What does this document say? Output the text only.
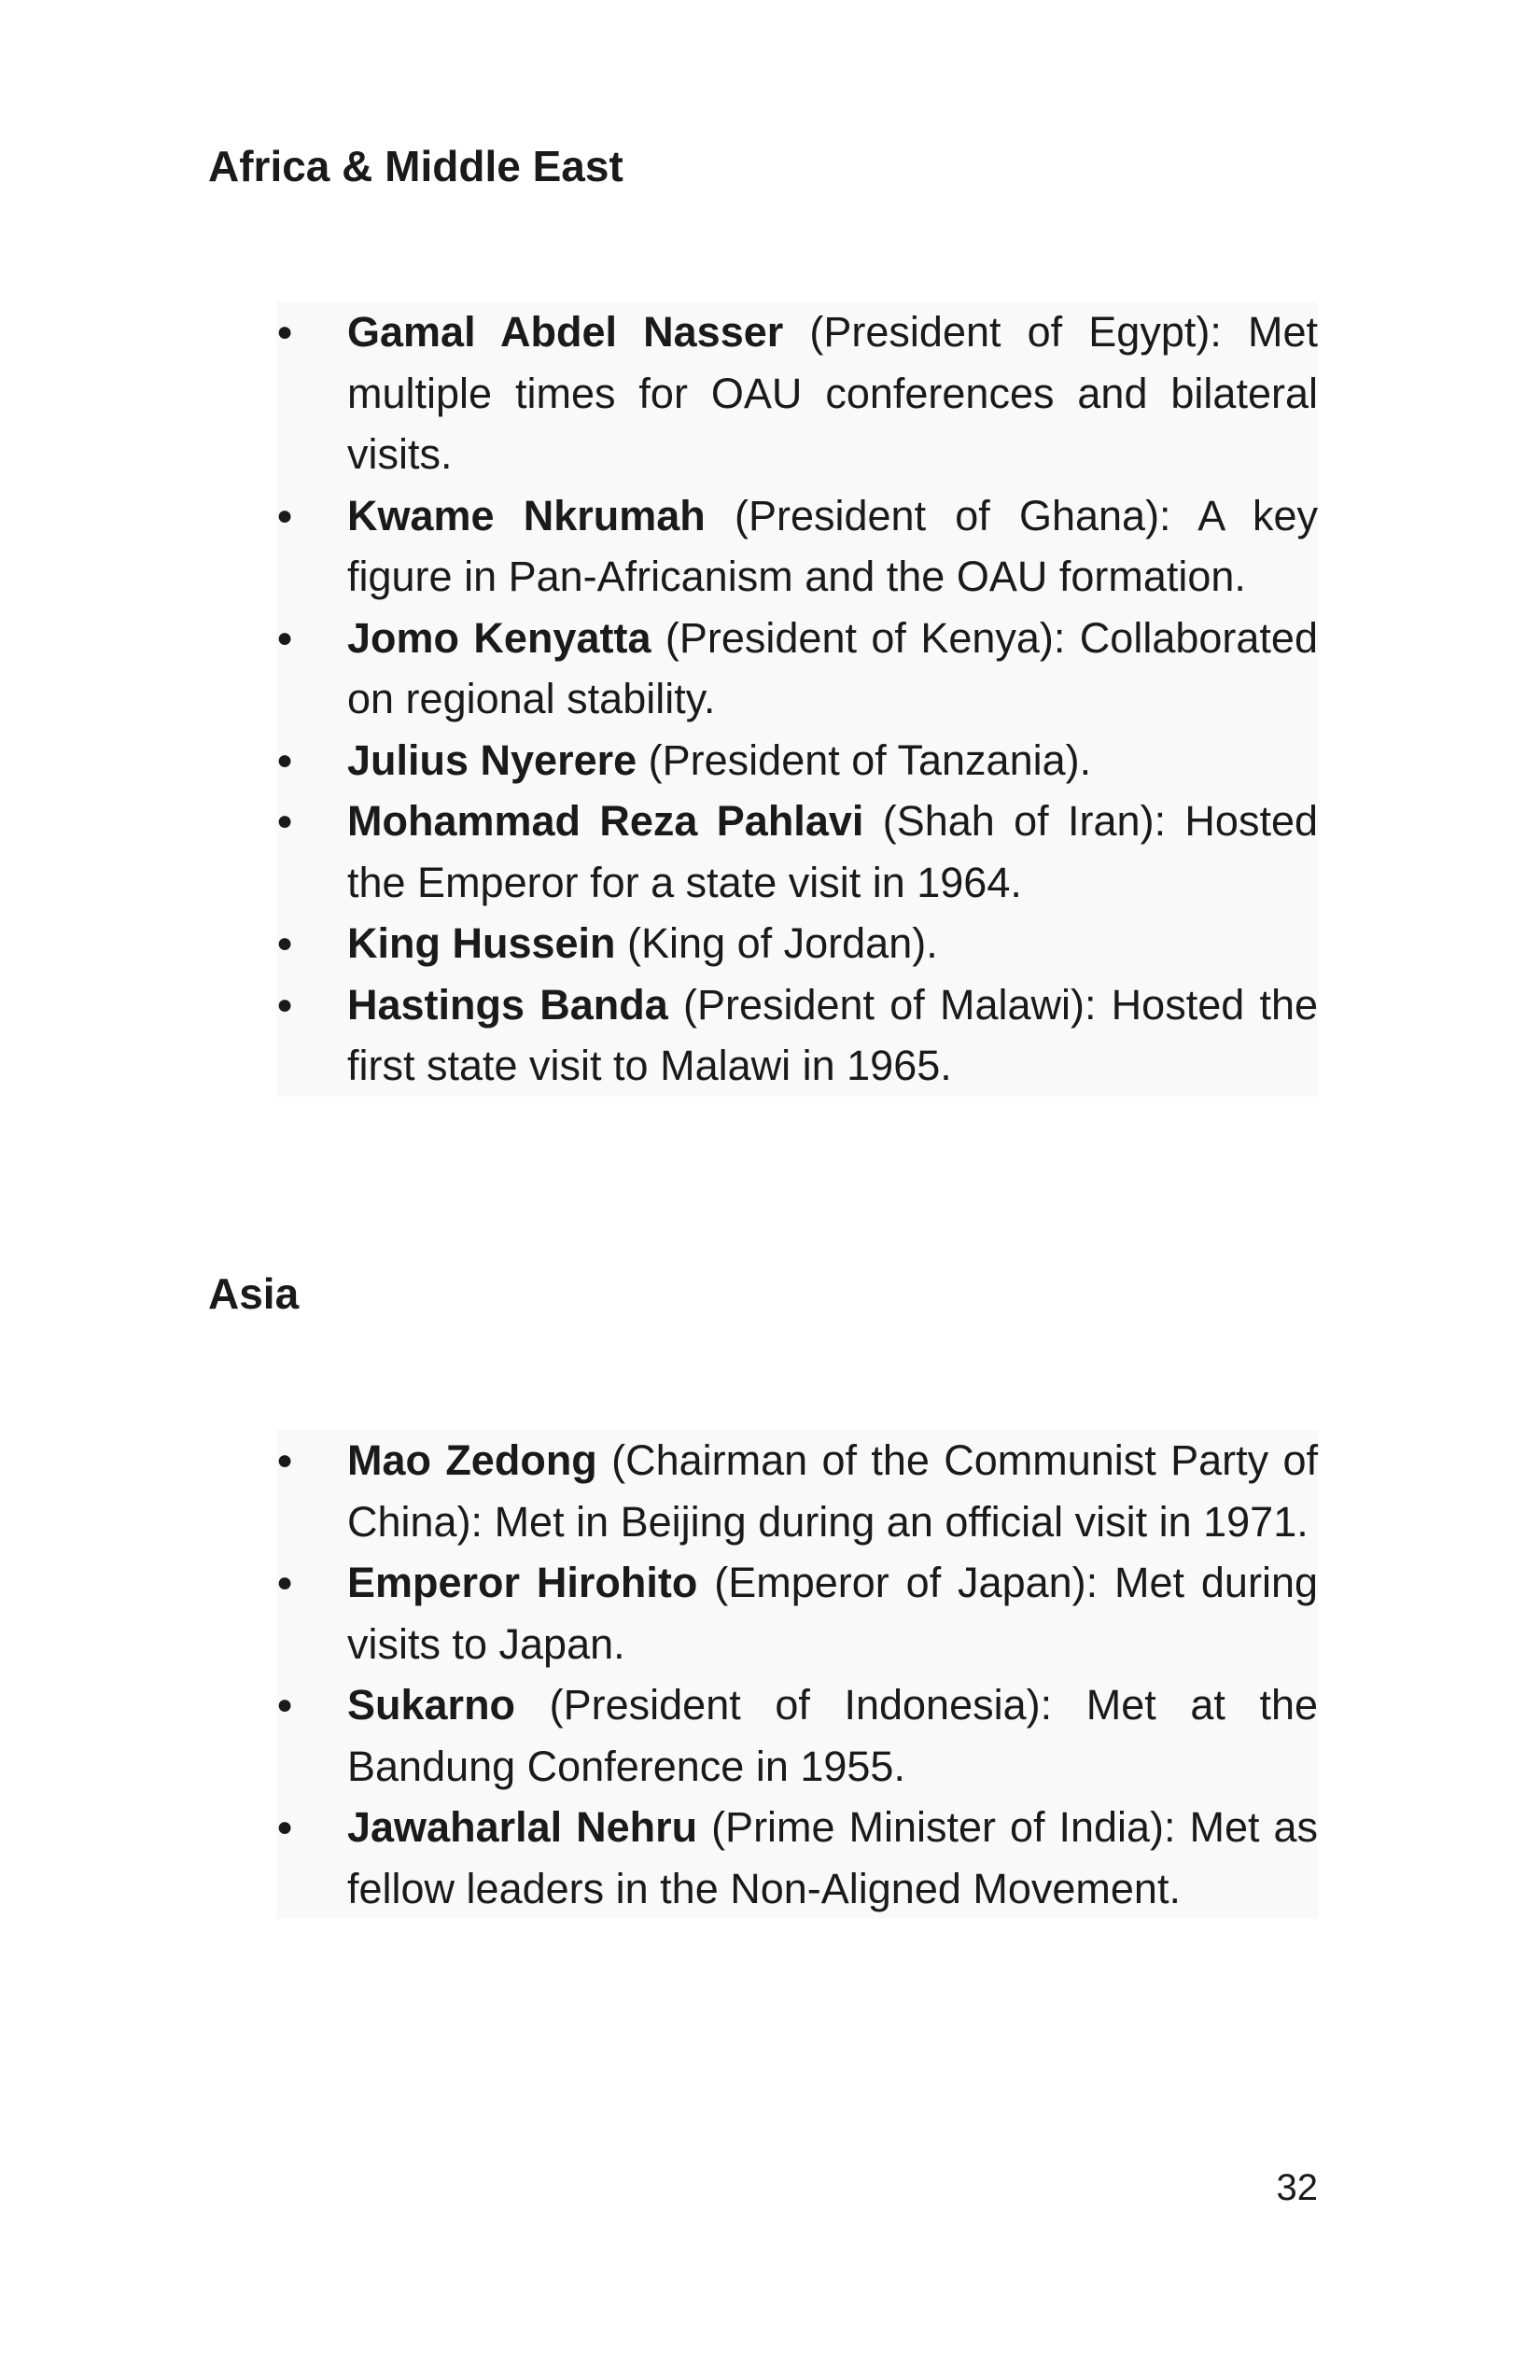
Africa & Middle East
● Gamal Abdel Nasser (President of Egypt): Met multiple times for OAU conferences and bilateral visits.
● Kwame Nkrumah (President of Ghana): A key figure in Pan-Africanism and the OAU formation.
● Jomo Kenyatta (President of Kenya): Collaborated on regional stability.
● Julius Nyerere (President of Tanzania).
● Mohammad Reza Pahlavi (Shah of Iran): Hosted the Emperor for a state visit in 1964.
● King Hussein (King of Jordan).
● Hastings Banda (President of Malawi): Hosted the first state visit to Malawi in 1965.
Asia
● Mao Zedong (Chairman of the Communist Party of China): Met in Beijing during an official visit in 1971.
● Emperor Hirohito (Emperor of Japan): Met during visits to Japan.
● Sukarno (President of Indonesia): Met at the Bandung Conference in 1955.
● Jawaharlal Nehru (Prime Minister of India): Met as fellow leaders in the Non-Aligned Movement.
32
